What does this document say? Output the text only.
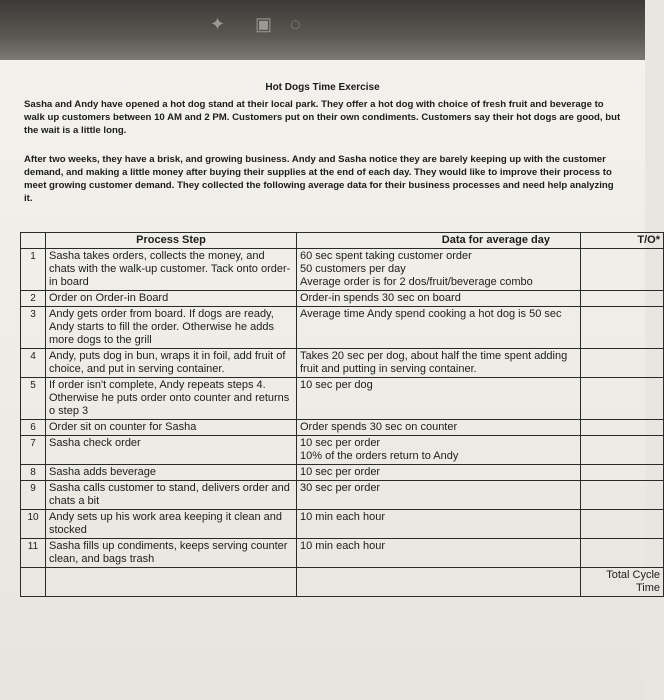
✦ ▣ ◌
Hot Dogs Time Exercise
Sasha and Andy have opened a hot dog stand at their local park. They offer a hot dog with choice of fresh fruit and beverage to walk up customers between 10 AM and 2 PM. Customers put on their own condiments. Customers say their hot dogs are good, but the wait is a little long.
After two weeks, they have a brisk, and growing business. Andy and Sasha notice they are barely keeping up with the customer demand, and making a little money after buying their supplies at the end of each day. They would like to improve their process to meet growing customer demand. They collected the following average data for their business processes and need help analyzing it.
	Process Step	Data for average day	T/O*
1	Sasha takes orders, collects the money, and chats with the walk-up customer. Tack onto order-in board	60 sec spent taking customer order
50 customers per day
Average order is for 2 dos/fruit/beverage combo	
2	Order on Order-in Board	Order-in spends 30 sec on board	
3	Andy gets order from board. If dogs are ready, Andy starts to fill the order. Otherwise he adds more dogs to the grill	Average time Andy spend cooking a hot dog is 50 sec	
4	Andy, puts dog in bun, wraps it in foil, add fruit of choice, and put in serving container.	Takes 20 sec per dog, about half the time spent adding fruit and putting in serving container.	
5	If order isn't complete, Andy repeats steps 4. Otherwise he puts order onto counter and returns o step 3	10 sec per dog	
6	Order sit on counter for Sasha	Order spends 30 sec on counter	
7	Sasha check order	10 sec per order
10% of the orders return to Andy	
8	Sasha adds beverage	10 sec per order	
9	Sasha calls customer to stand, delivers order and chats a bit	30 sec per order	
10	Andy sets up his work area keeping it clean and stocked	10 min each hour	
11	Sasha fills up condiments, keeps serving counter clean, and bags trash	10 min each hour	
			Total Cycle Time
